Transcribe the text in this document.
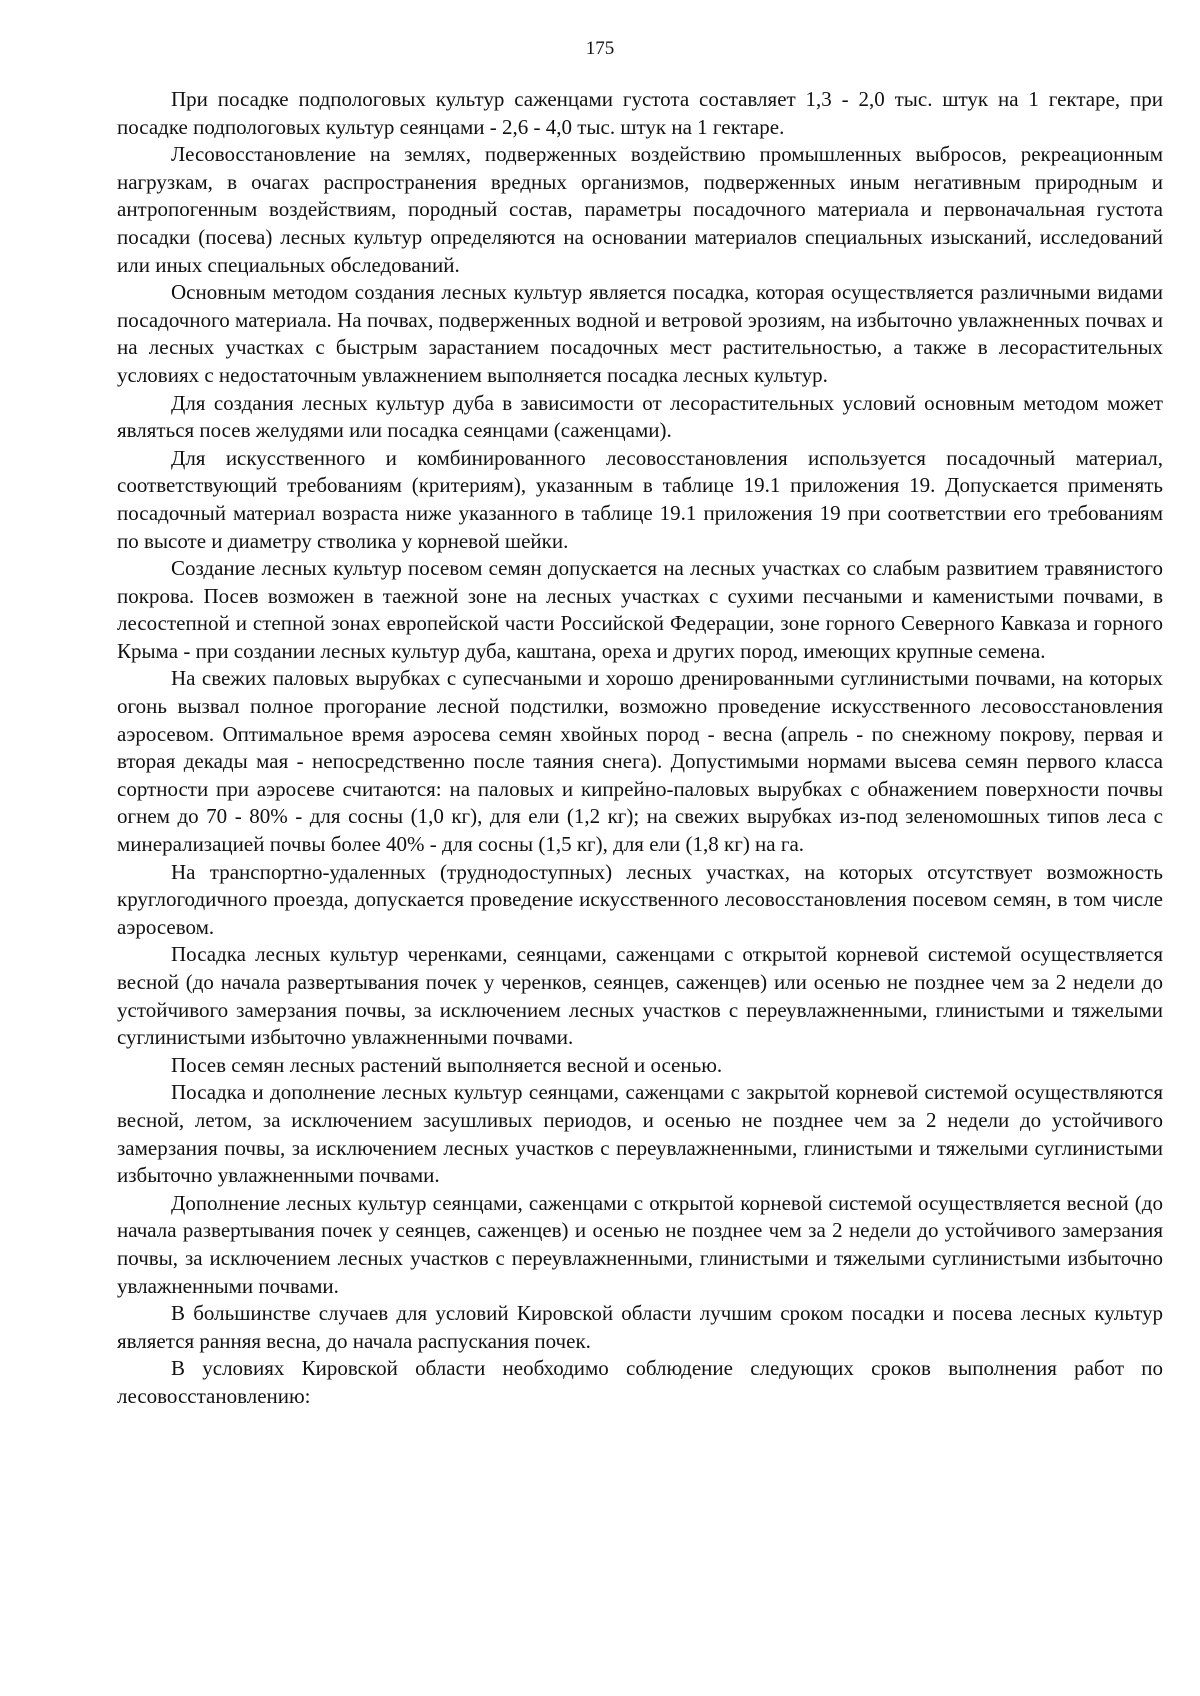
175

При посадке подпологовых культур саженцами густота составляет 1,3 - 2,0 тыс. штук на 1 гектаре, при посадке подпологовых культур сеянцами - 2,6 - 4,0 тыс. штук на 1 гектаре.

Лесовосстановление на землях, подверженных воздействию промышленных выбросов, рекреационным нагрузкам, в очагах распространения вредных организмов, подверженных иным негативным природным и антропогенным воздействиям, породный состав, параметры посадочного материала и первоначальная густота посадки (посева) лесных культур определяются на основании материалов специальных изысканий, исследований или иных специальных обследований.

Основным методом создания лесных культур является посадка, которая осуществляется различными видами посадочного материала. На почвах, подверженных водной и ветровой эрозиям, на избыточно увлажненных почвах и на лесных участках с быстрым зарастанием посадочных мест растительностью, а также в лесорастительных условиях с недостаточным увлажнением выполняется посадка лесных культур.

Для создания лесных культур дуба в зависимости от лесорастительных условий основным методом может являться посев желудями или посадка сеянцами (саженцами).

Для искусственного и комбинированного лесовосстановления используется посадочный материал, соответствующий требованиям (критериям), указанным в таблице 19.1 приложения 19. Допускается применять посадочный материал возраста ниже указанного в таблице 19.1 приложения 19 при соответствии его требованиям по высоте и диаметру стволика у корневой шейки.

Создание лесных культур посевом семян допускается на лесных участках со слабым развитием травянистого покрова. Посев возможен в таежной зоне на лесных участках с сухими песчаными и каменистыми почвами, в лесостепной и степной зонах европейской части Российской Федерации, зоне горного Северного Кавказа и горного Крыма - при создании лесных культур дуба, каштана, ореха и других пород, имеющих крупные семена.

На свежих паловых вырубках с супесчаными и хорошо дренированными суглинистыми почвами, на которых огонь вызвал полное прогорание лесной подстилки, возможно проведение искусственного лесовосстановления аэросевом. Оптимальное время аэросева семян хвойных пород - весна (апрель - по снежному покрову, первая и вторая декады мая - непосредственно после таяния снега). Допустимыми нормами высева семян первого класса сортности при аэросеве считаются: на паловых и кипрейно-паловых вырубках с обнажением поверхности почвы огнем до 70 - 80% - для сосны (1,0 кг), для ели (1,2 кг); на свежих вырубках из-под зеленомошных типов леса с минерализацией почвы более 40% - для сосны (1,5 кг), для ели (1,8 кг) на га.

На транспортно-удаленных (труднодоступных) лесных участках, на которых отсутствует возможность круглогодичного проезда, допускается проведение искусственного лесовосстановления посевом семян, в том числе аэросевом.

Посадка лесных культур черенками, сеянцами, саженцами с открытой корневой системой осуществляется весной (до начала развертывания почек у черенков, сеянцев, саженцев) или осенью не позднее чем за 2 недели до устойчивого замерзания почвы, за исключением лесных участков с переувлажненными, глинистыми и тяжелыми суглинистыми избыточно увлажненными почвами.

Посев семян лесных растений выполняется весной и осенью.

Посадка и дополнение лесных культур сеянцами, саженцами с закрытой корневой системой осуществляются весной, летом, за исключением засушливых периодов, и осенью не позднее чем за 2 недели до устойчивого замерзания почвы, за исключением лесных участков с переувлажненными, глинистыми и тяжелыми суглинистыми избыточно увлажненными почвами.

Дополнение лесных культур сеянцами, саженцами с открытой корневой системой осуществляется весной (до начала развертывания почек у сеянцев, саженцев) и осенью не позднее чем за 2 недели до устойчивого замерзания почвы, за исключением лесных участков с переувлажненными, глинистыми и тяжелыми суглинистыми избыточно увлажненными почвами.

В большинстве случаев для условий Кировской области лучшим сроком посадки и посева лесных культур является ранняя весна, до начала распускания почек.

В условиях Кировской области необходимо соблюдение следующих сроков выполнения работ по лесовосстановлению:
